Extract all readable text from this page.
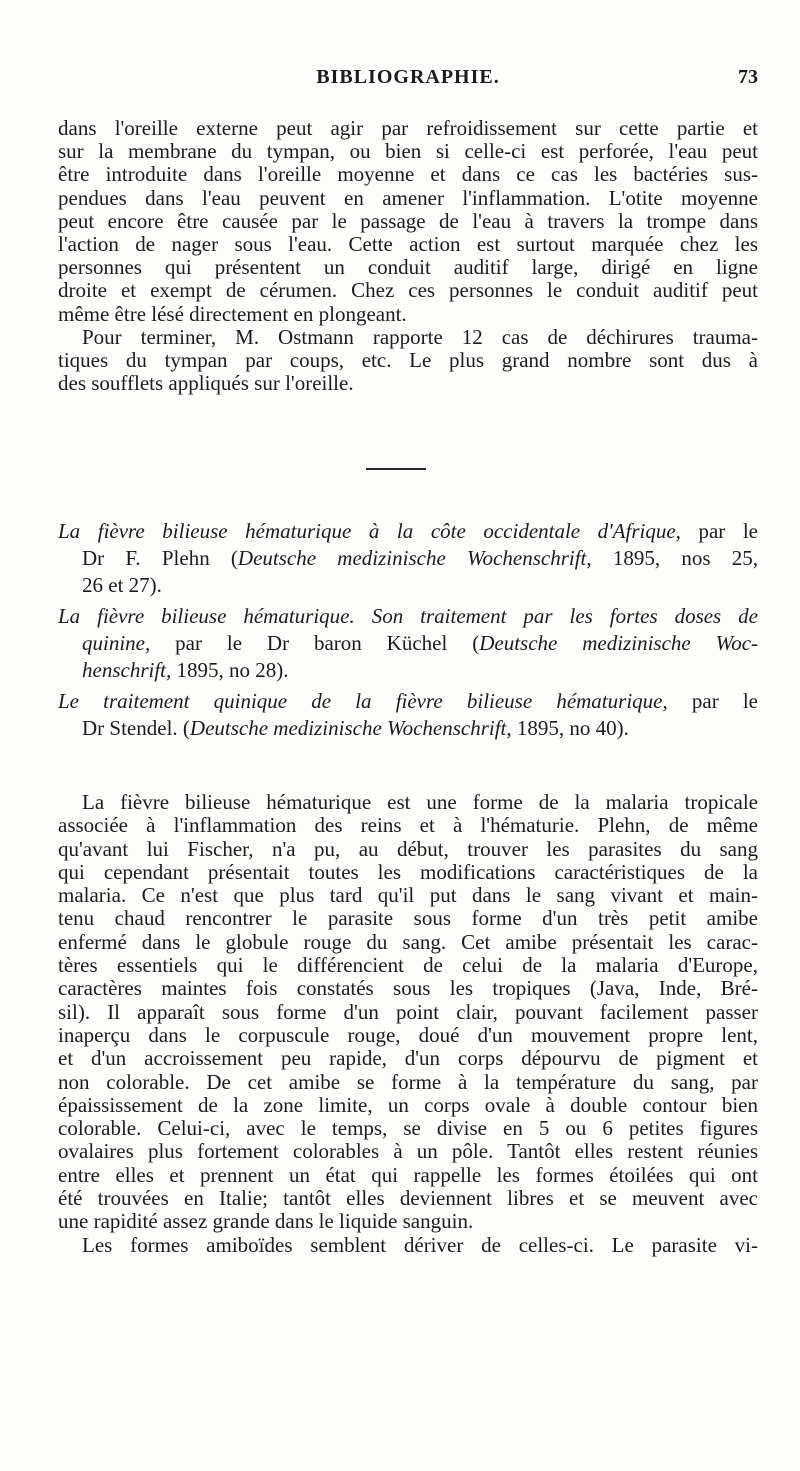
BIBLIOGRAPHIE.	73
dans l'oreille externe peut agir par refroidissement sur cette partie et
sur la membrane du tympan, ou bien si celle-ci est perforée, l'eau peut
être introduite dans l'oreille moyenne et dans ce cas les bactéries sus-
pendues dans l'eau peuvent en amener l'inflammation. L'otite moyenne
peut encore être causée par le passage de l'eau à travers la trompe dans
l'action de nager sous l'eau. Cette action est surtout marquée chez les
personnes qui présentent un conduit auditif large, dirigé en ligne
droite et exempt de cérumen. Chez ces personnes le conduit auditif peut
même être lésé directement en plongeant.
Pour terminer, M. Ostmann rapporte 12 cas de déchirures trauma-
tiques du tympan par coups, etc. Le plus grand nombre sont dus à
des soufflets appliqués sur l'oreille.
La fièvre bilieuse hématurique à la côte occidentale d'Afrique, par le
Dr F. Plehn (Deutsche medizinische Wochenschrift, 1895, nos 25,
26 et 27).
La fièvre bilieuse hématurique. Son traitement par les fortes doses de
quinine, par le Dr baron Küchel (Deutsche medizinische Woc-
henschrift, 1895, no 28).
Le traitement quinique de la fièvre bilieuse hématurique, par le
Dr Stendel. (Deutsche medizinische Wochenschrift, 1895, no 40).
La fièvre bilieuse hématurique est une forme de la malaria tropicale
associée à l'inflammation des reins et à l'hématurie. Plehn, de même
qu'avant lui Fischer, n'a pu, au début, trouver les parasites du sang
qui cependant présentait toutes les modifications caractéristiques de la
malaria. Ce n'est que plus tard qu'il put dans le sang vivant et main-
tenu chaud rencontrer le parasite sous forme d'un très petit amibe
enfermé dans le globule rouge du sang. Cet amibe présentait les carac-
tères essentiels qui le différencient de celui de la malaria d'Europe,
caractères maintes fois constatés sous les tropiques (Java, Inde, Bré-
sil). Il apparaît sous forme d'un point clair, pouvant facilement passer
inaperçu dans le corpuscule rouge, doué d'un mouvement propre lent,
et d'un accroissement peu rapide, d'un corps dépourvu de pigment et
non colorable. De cet amibe se forme à la température du sang, par
épaississement de la zone limite, un corps ovale à double contour bien
colorable. Celui-ci, avec le temps, se divise en 5 ou 6 petites figures
ovalaires plus fortement colorables à un pôle. Tantôt elles restent réunies
entre elles et prennent un état qui rappelle les formes étoilées qui ont
été trouvées en Italie; tantôt elles deviennent libres et se meuvent avec
une rapidité assez grande dans le liquide sanguin.
Les formes amiboïdes semblent dériver de celles-ci. Le parasite vi-
